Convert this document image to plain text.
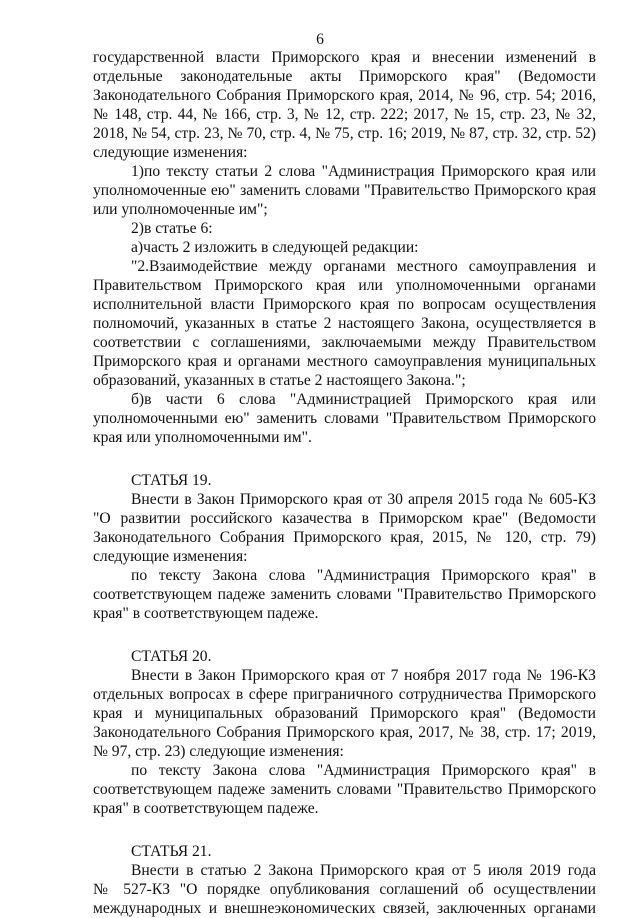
6
государственной власти Приморского края и внесении изменений в
отдельные законодательные акты Приморского края" (Ведомости
Законодательного Собрания Приморского края, 2014, № 96, стр. 54; 2016,
№ 148, стр. 44, № 166, стр. 3, № 12, стр. 222; 2017, № 15, стр. 23, № 32,
2018, № 54, стр. 23, № 70, стр. 4, № 75, стр. 16; 2019, № 87, стр. 32, стр. 52)
следующие изменения:
1)по тексту статьи 2 слова "Администрация Приморского края или
уполномоченные ею" заменить словами "Правительство Приморского края
или уполномоченные им";
2)в статье 6:
а)часть 2 изложить в следующей редакции:
"2.Взаимодействие между органами местного самоуправления и
Правительством Приморского края или уполномоченными органами
исполнительной власти Приморского края по вопросам осуществления
полномочий, указанных в статье 2 настоящего Закона, осуществляется в
соответствии с соглашениями, заключаемыми между Правительством
Приморского края и органами местного самоуправления муниципальных
образований, указанных в статье 2 настоящего Закона.";
б)в части 6 слова "Администрацией Приморского края или
уполномоченными ею" заменить словами "Правительством Приморского
края или уполномоченными им".
СТАТЬЯ 19.
Внести в Закон Приморского края от 30 апреля 2015 года № 605-КЗ
"О развитии российского казачества в Приморском крае" (Ведомости
Законодательного Собрания Приморского края, 2015, № 120, стр. 79)
следующие изменения:
по тексту Закона слова "Администрация Приморского края" в
соответствующем падеже заменить словами "Правительство Приморского
края" в соответствующем падеже.
СТАТЬЯ 20.
Внести в Закон Приморского края от 7 ноября 2017 года № 196-КЗ
отдельных вопросах в сфере приграничного сотрудничества Приморского
края и муниципальных образований Приморского края" (Ведомости
Законодательного Собрания Приморского края, 2017, № 38, стр. 17; 2019,
№ 97, стр. 23) следующие изменения:
по тексту Закона слова "Администрация Приморского края" в
соответствующем падеже заменить словами "Правительство Приморского
края" в соответствующем падеже.
СТАТЬЯ 21.
Внести в статью 2 Закона Приморского края от 5 июля 2019 года
№ 527-КЗ "О порядке опубликования соглашений об осуществлении
международных и внешнеэкономических связей, заключенных органами
